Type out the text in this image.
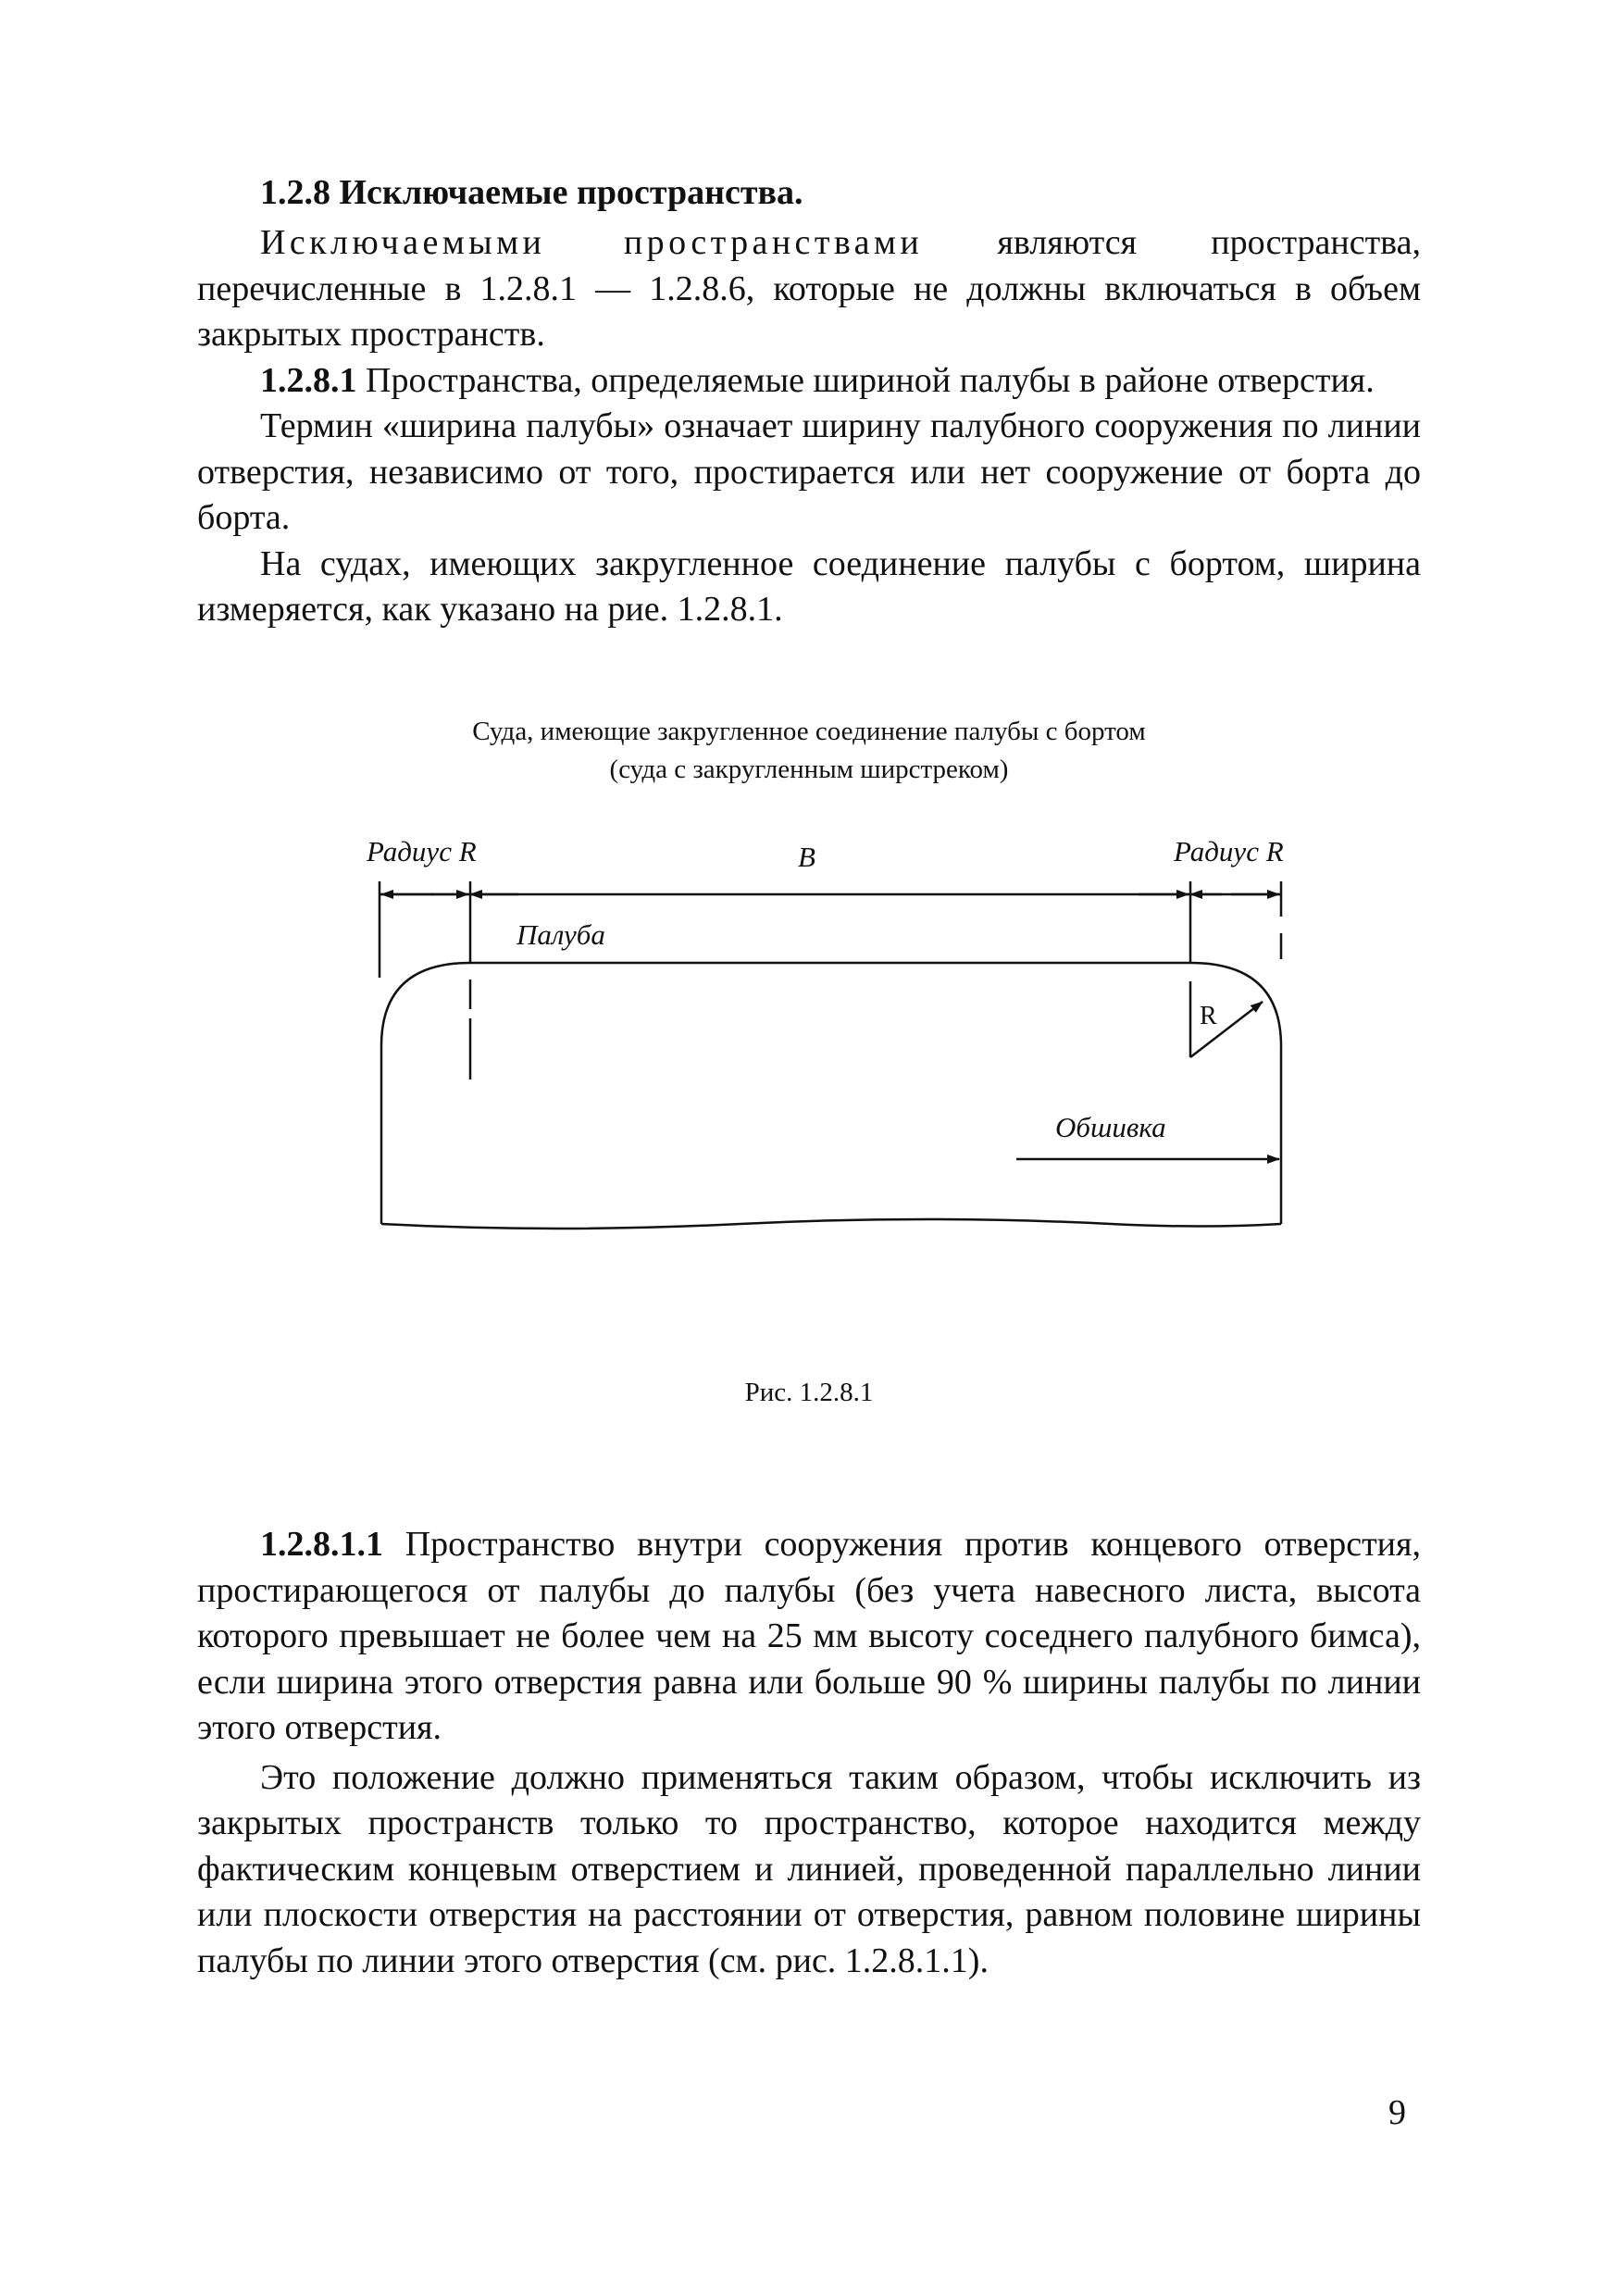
1.2.8 Исключаемые пространства.

Исключаемыми пространствами являются пространства, перечисленные в 1.2.8.1 — 1.2.8.6, которые не должны включаться в объем закрытых пространств.

1.2.8.1 Пространства, определяемые шириной палубы в районе отверстия.

Термин «ширина палубы» означает ширину палубного сооружения по линии отверстия, независимо от того, простирается или нет сооружение от борта до борта.

На судах, имеющих закругленное соединение палубы с бортом, ширина измеряется, как указано на рие. 1.2.8.1.

Суда, имеющие закругленное соединение палубы с бортом
(суда с закругленным ширстреком)
Радиус R	B	Радиус R
Палуба
R
Обшивка
Рис. 1.2.8.1

1.2.8.1.1 Пространство внутри сооружения против концевого отверстия, простирающегося от палубы до палубы (без учета навесного листа, высота которого превышает не более чем на 25 мм высоту соседнего палубного бимса), если ширина этого отверстия равна или больше 90 % ширины палубы по линии этого отверстия.

Это положение должно применяться таким образом, чтобы исключить из закрытых пространств только то пространство, которое находится между фактическим концевым отверстием и линией, проведенной параллельно линии или плоскости отверстия на расстоянии от отверстия, равном половине ширины палубы по линии этого отверстия (см. рис. 1.2.8.1.1).

9
